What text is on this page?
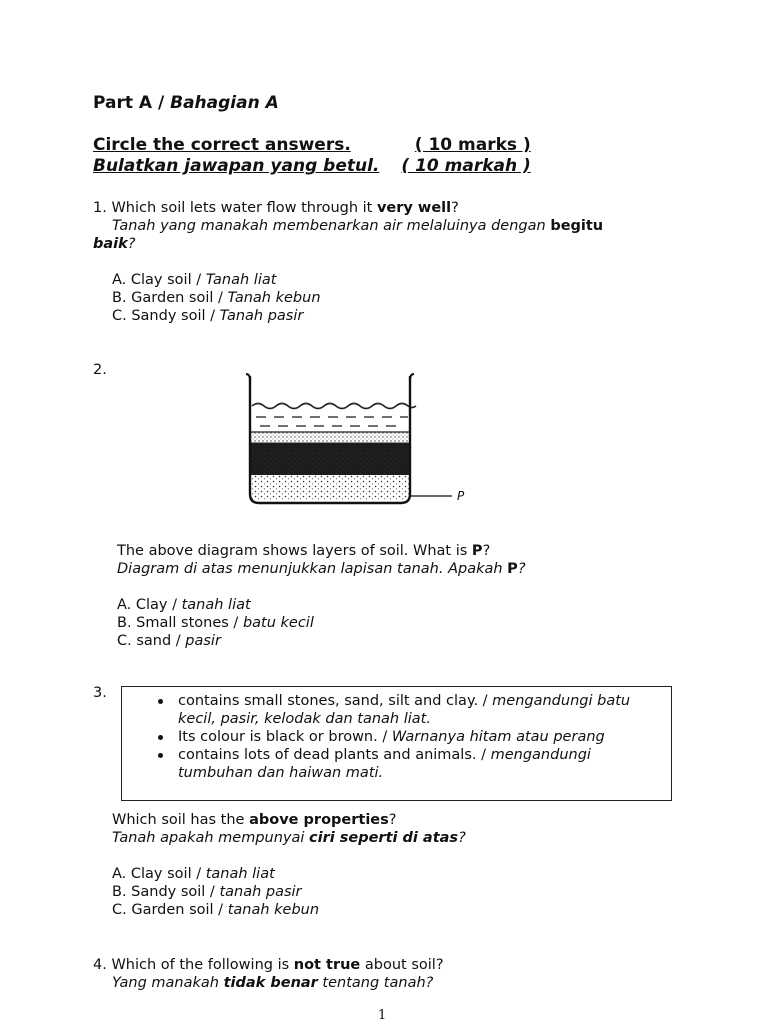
Part A / Bahagian A
Circle the correct answers.	( 10 marks )
Bulatkan jawapan yang betul. ( 10 markah )
1. Which soil lets water flow through it very well?
Tanah yang manakah membenarkan air melaluinya dengan begitu
baik?
A. Clay soil / Tanah liat
B. Garden soil / Tanah kebun
C. Sandy soil / Tanah pasir
2.
P
The above diagram shows layers of soil. What is P?
Diagram di atas menunjukkan lapisan tanah. Apakah P?
A. Clay / tanah liat
B. Small stones / batu kecil
C. sand / pasir
3.	contains small stones, sand, silt and clay. / mengandungi batu kecil, pasir, kelodak dan tanah liat.
Its colour is black or brown. / Warnanya hitam atau perang
contains lots of dead plants and animals. / mengandungi tumbuhan dan haiwan mati.
Which soil has the above properties?
Tanah apakah mempunyai ciri seperti di atas?
A. Clay soil / tanah liat
B. Sandy soil / tanah pasir
C. Garden soil / tanah kebun
4. Which of the following is not true about soil?
Yang manakah tidak benar tentang tanah?
1
